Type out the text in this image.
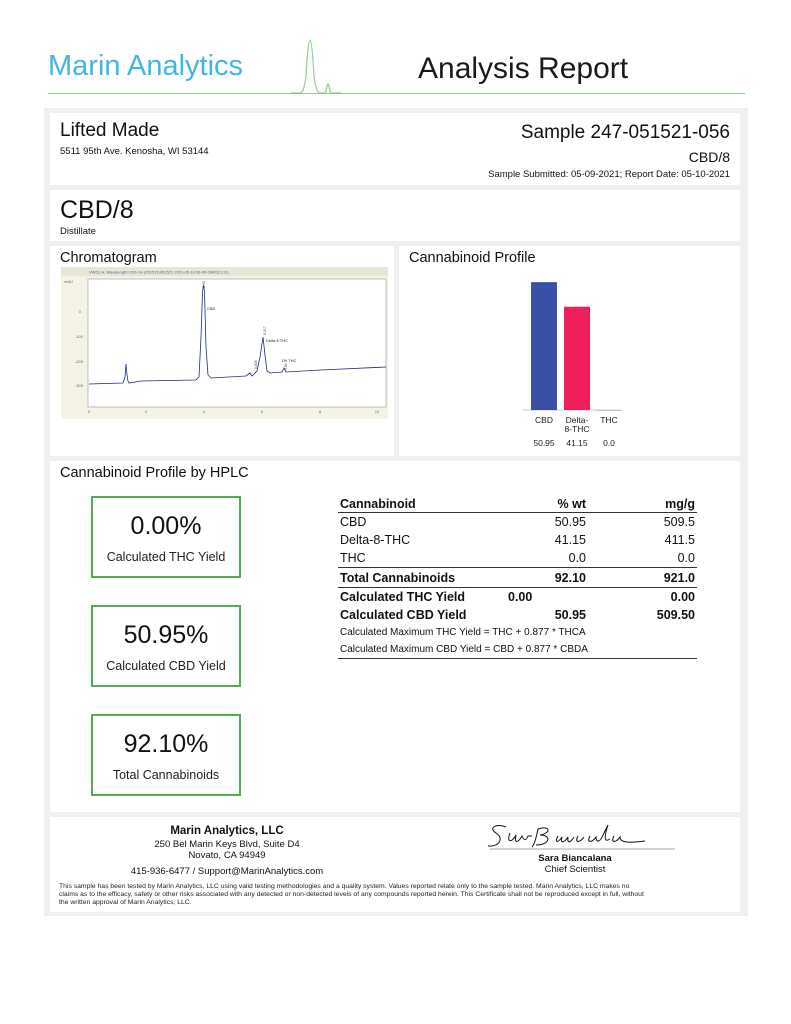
Marin Analytics	Analysis Report
Lifted Made
5511 95th Ave. Kenosha, WI 53144
Sample 247-051521-056
CBD/8
Sample Submitted: 05-09-2021; Report Date: 05-10-2021
CBD/8
Distillate
Chromatogram
VWD1 A, Wavelength=220 nm (051521\051521 2021-05-10 06-00-59\R1C1.D)
mAU
0
-100
-200
-300
0	2	4	6	8	10
CBD
Delta 8 THC
D9 THC
3.93
5.826
6.217
6.80
Cannabinoid Profile
CBD
50.95
Delta-
8-THC
41.15
THC
0.0
Cannabinoid Profile by HPLC
0.00%
Calculated THC Yield
50.95%
Calculated CBD Yield
92.10%
Total Cannabinoids
Cannabinoid	% wt	mg/g
CBD	50.95	509.5
Delta-8-THC	41.15	411.5
THC	0.0	0.0
Total Cannabinoids	92.10	921.0
Calculated THC Yield	0.00	0.00
Calculated CBD Yield	50.95	509.50
Calculated Maximum THC Yield = THC + 0.877 * THCA		
Calculated Maximum CBD Yield = CBD + 0.877 * CBDA		
Marin Analytics, LLC
250 Bel Marin Keys Blvd, Suite D4
Novato, CA 94949
415-936-6477 / Support@MarinAnalytics.com
Sara Biancalana
Chief Scientist
This sample has been tested by Marin Analytics, LLC using valid testing methodologies and a quality system. Values reported relate only to the sample tested. Marin Analytics, LLC makes no
claims as to the efficacy, safety or other risks associated with any detected or non-detected levels of any compounds reported herein. This Certificate shall not be reproduced except in full, without
the written approval of Marin Analytics, LLC.
